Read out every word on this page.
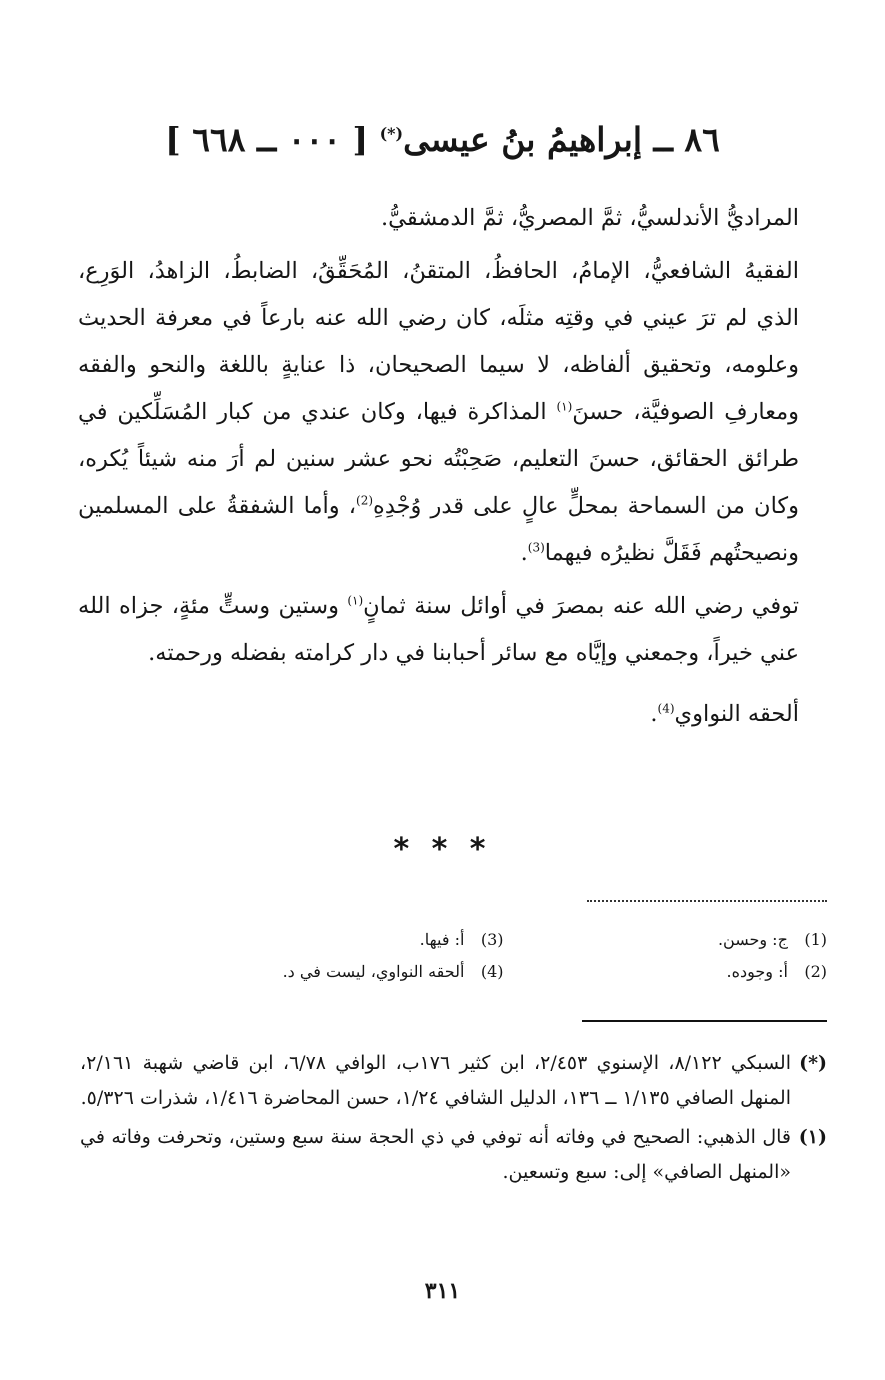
٨٦ ــ إبراهيمُ بنُ عيسى(*) [ ٠٠٠ ــ ٦٦٨ ]

المراديُّ الأندلسيُّ، ثمَّ المصريُّ، ثمَّ الدمشقيُّ.

الفقيهُ الشافعيُّ، الإمامُ، الحافظُ، المتقنُ، المُحَقِّقُ، الضابطُ، الزاهدُ، الوَرِع، الذي لم ترَ عيني في وقتِه مثلَه، كان رضي الله عنه بارعاً في معرفة الحديث وعلومه، وتحقيق ألفاظه، لا سيما الصحيحان، ذا عنايةٍ باللغة والنحو والفقه ومعارفِ الصوفيَّة، حسنَ$^{(١)}$ المذاكرة فيها، وكان عندي من كبار المُسَلِّكين في طرائق الحقائق، حسنَ التعليم، صَحِبْتُه نحو عشر سنين لم أرَ منه شيئاً يُكره، وكان من السماحة بمحلٍّ عالٍ على قدر وُجْدِهِ$^{(2)}$، وأما الشفقةُ على المسلمين ونصيحتُهم فَقَلَّ نظيرُه فيهما$^{(3)}$.

توفي رضي الله عنه بمصرَ في أوائل سنة ثمانٍ$^{(١)}$ وستين وستٍّ مئةٍ، جزاه الله عني خيراً، وجمعني وإيَّاه مع سائر أحبابنا في دار كرامته بفضله ورحمته.

ألحقه النواوي$^{(4)}$.

* * *
(1) ج: وحسن.
(3) أ: فيها.
(2) أ: وجوده.
(4) ألحقه النواوي، ليست في د.
(*)
السبكي ٨/١٢٢، الإسنوي ٢/٤٥٣، ابن كثير ١٧٦ب، الوافي ٦/٧٨، ابن قاضي شهبة ٢/١٦١، المنهل الصافي ١/١٣٥ ــ ١٣٦، الدليل الشافي ١/٢٤، حسن المحاضرة ١/٤١٦، شذرات ٥/٣٢٦.
(١)
قال الذهبي: الصحيح في وفاته أنه توفي في ذي الحجة سنة سبع وستين، وتحرفت وفاته في «المنهل الصافي» إلى: سبع وتسعين.
٣١١
